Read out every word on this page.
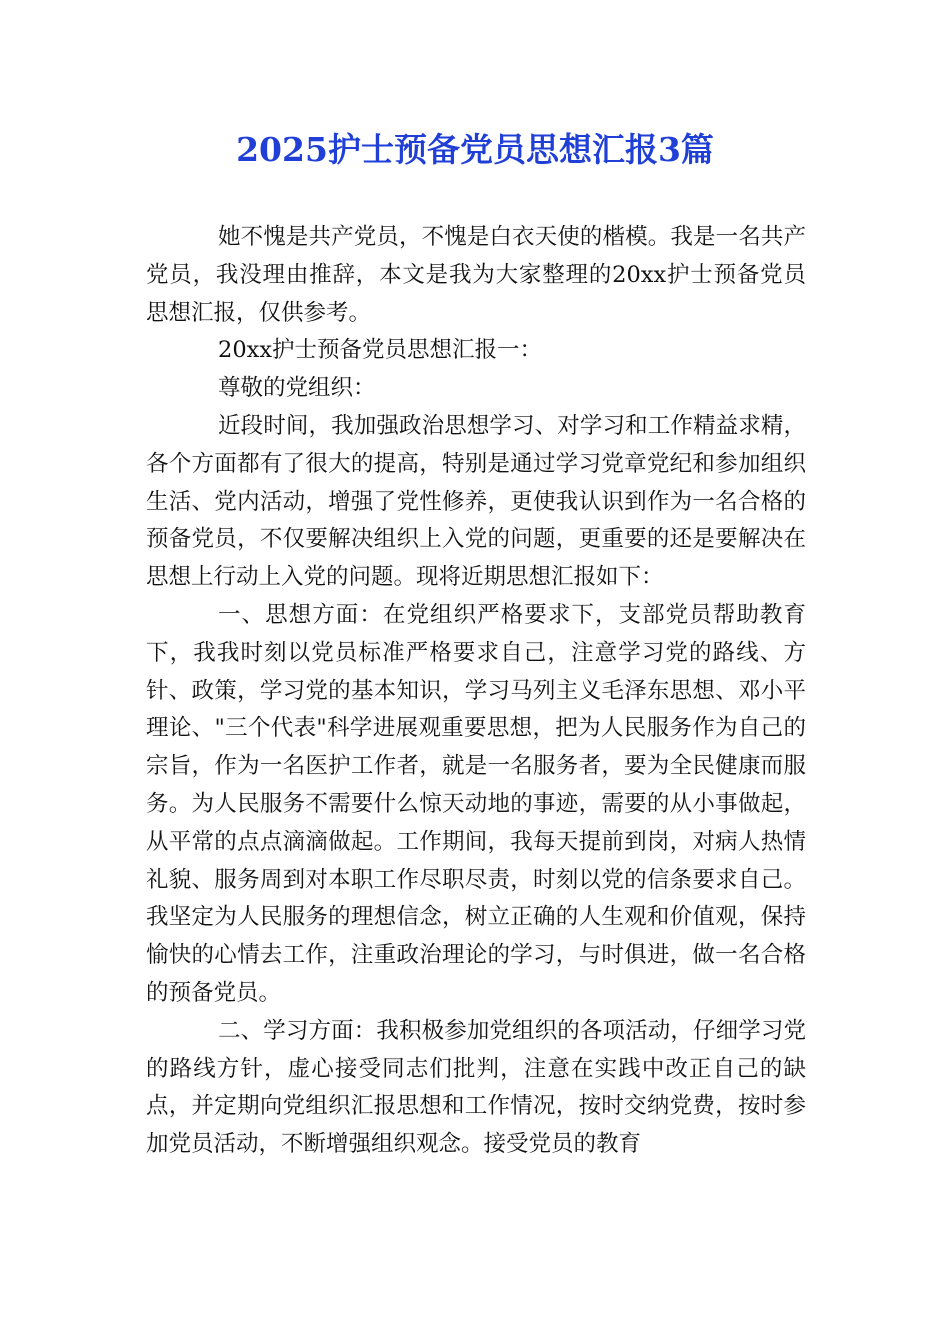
2025护士预备党员思想汇报3篇

她不愧是共产党员，不愧是白衣天使的楷模。我是一名共产党员，我没理由推辞，本文是我为大家整理的20xx护士预备党员思想汇报，仅供参考。

20xx护士预备党员思想汇报一：

尊敬的党组织：

近段时间，我加强政治思想学习、对学习和工作精益求精，各个方面都有了很大的提高，特别是通过学习党章党纪和参加组织生活、党内活动，增强了党性修养，更使我认识到作为一名合格的预备党员，不仅要解决组织上入党的问题，更重要的还是要解决在思想上行动上入党的问题。现将近期思想汇报如下：

一、思想方面：在党组织严格要求下，支部党员帮助教育下，我我时刻以党员标准严格要求自己，注意学习党的路线、方针、政策，学习党的基本知识，学习马列主义毛泽东思想、邓小平理论、"三个代表"科学进展观重要思想，把为人民服务作为自己的宗旨，作为一名医护工作者，就是一名服务者，要为全民健康而服务。为人民服务不需要什么惊天动地的事迹，需要的从小事做起，从平常的点点滴滴做起。工作期间，我每天提前到岗，对病人热情礼貌、服务周到对本职工作尽职尽责，时刻以党的信条要求自己。我坚定为人民服务的理想信念，树立正确的人生观和价值观，保持愉快的心情去工作，注重政治理论的学习，与时俱进，做一名合格的预备党员。

二、学习方面：我积极参加党组织的各项活动，仔细学习党的路线方针，虚心接受同志们批判，注意在实践中改正自己的缺点，并定期向党组织汇报思想和工作情况，按时交纳党费，按时参加党员活动，不断增强组织观念。接受党员的教育
